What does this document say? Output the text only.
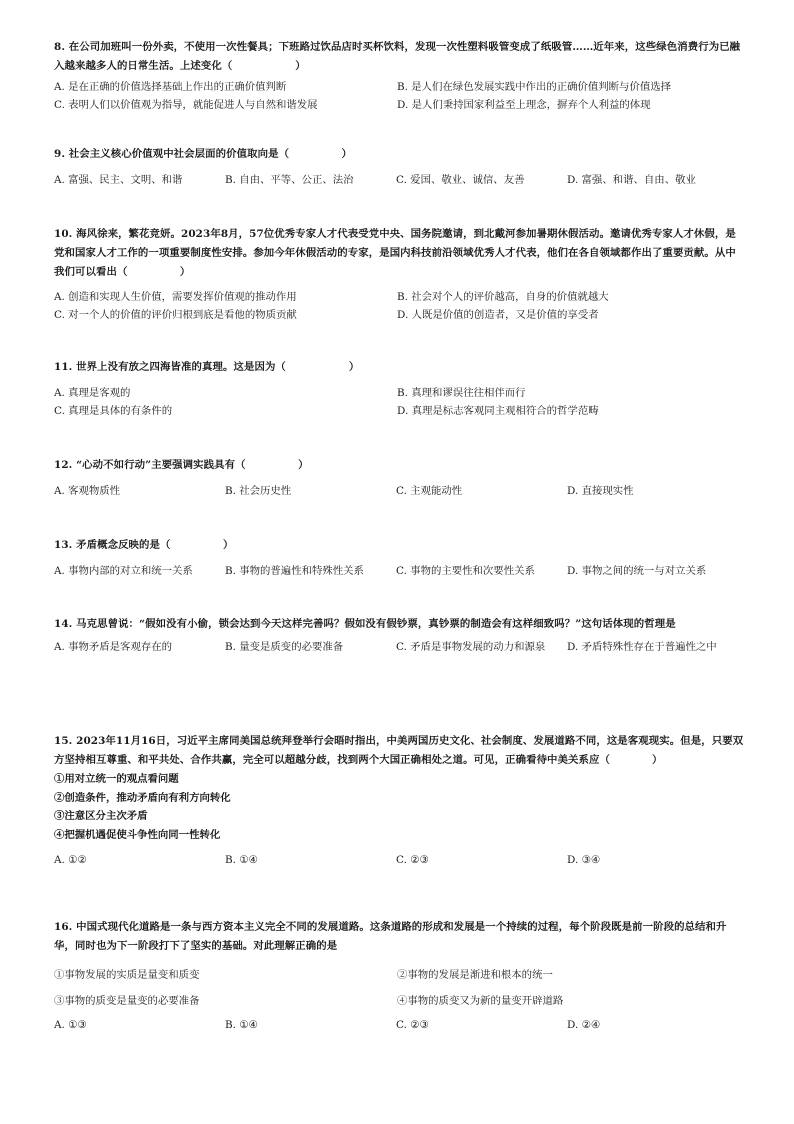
8. 在公司加班叫一份外卖，不使用一次性餐具；下班路过饮品店时买杯饮料，发现一次性塑料吸管变成了纸吸管……近年来，这些绿色消费行为已融入越来越多人的日常生活。上述变化（　　　　　　）
A. 是在正确的价值选择基础上作出的正确价值判断	B. 是人们在绿色发展实践中作出的正确价值判断与价值选择
C. 表明人们以价值观为指导，就能促进人与自然和谐发展	D. 是人们秉持国家利益至上理念，摒弃个人利益的体现
9. 社会主义核心价值观中社会层面的价值取向是（　　　　　）
A. 富强、民主、文明、和谐	B. 自由、平等、公正、法治	C. 爱国、敬业、诚信、友善	D. 富强、和谐、自由、敬业
10. 海风徐来，繁花竞妍。2023年8月，57位优秀专家人才代表受党中央、国务院邀请，到北戴河参加暑期休假活动。邀请优秀专家人才休假，是党和国家人才工作的一项重要制度性安排。参加今年休假活动的专家，是国内科技前沿领域优秀人才代表，他们在各自领域都作出了重要贡献。从中我们可以看出（　　　　　）
A. 创造和实现人生价值，需要发挥价值观的推动作用	B. 社会对个人的评价越高，自身的价值就越大
C. 对一个人的价值的评价归根到底是看他的物质贡献	D. 人既是价值的创造者，又是价值的享受者
11. 世界上没有放之四海皆准的真理。这是因为（　　　　　　）
A. 真理是客观的	B. 真理和谬误往往相伴而行
C. 真理是具体的有条件的	D. 真理是标志客观同主观相符合的哲学范畴
12. “心动不如行动”主要强调实践具有（　　　　　）
A. 客观物质性	B. 社会历史性	C. 主观能动性	D. 直接现实性
13. 矛盾概念反映的是（　　　　　）
A. 事物内部的对立和统一关系	B. 事物的普遍性和特殊性关系	C. 事物的主要性和次要性关系	D. 事物之间的统一与对立关系
14. 马克思曾说：“假如没有小偷，锁会达到今天这样完善吗？假如没有假钞票，真钞票的制造会有这样细致吗？”这句话体现的哲理是
A. 事物矛盾是客观存在的	B. 量变是质变的必要准备	C. 矛盾是事物发展的动力和源泉	D. 矛盾特殊性存在于普遍性之中
15. 2023年11月16日，习近平主席同美国总统拜登举行会晤时指出，中美两国历史文化、社会制度、发展道路不同，这是客观现实。但是，只要双方坚持相互尊重、和平共处、合作共赢，完全可以超越分歧，找到两个大国正确相处之道。可见，正确看待中美关系应（　　　　）
①用对立统一的观点看问题
②创造条件，推动矛盾向有利方向转化
③注意区分主次矛盾
④把握机遇促使斗争性向同一性转化
A. ①②	B. ①④	C. ②③	D. ③④
16. 中国式现代化道路是一条与西方资本主义完全不同的发展道路。这条道路的形成和发展是一个持续的过程，每个阶段既是前一阶段的总结和升华，同时也为下一阶段打下了坚实的基础。对此理解正确的是
①事物发展的实质是量变和质变	②事物的发展是渐进和根本的统一
③事物的质变是量变的必要准备	④事物的质变又为新的量变开辟道路
A. ①③	B. ①④	C. ②③	D. ②④
